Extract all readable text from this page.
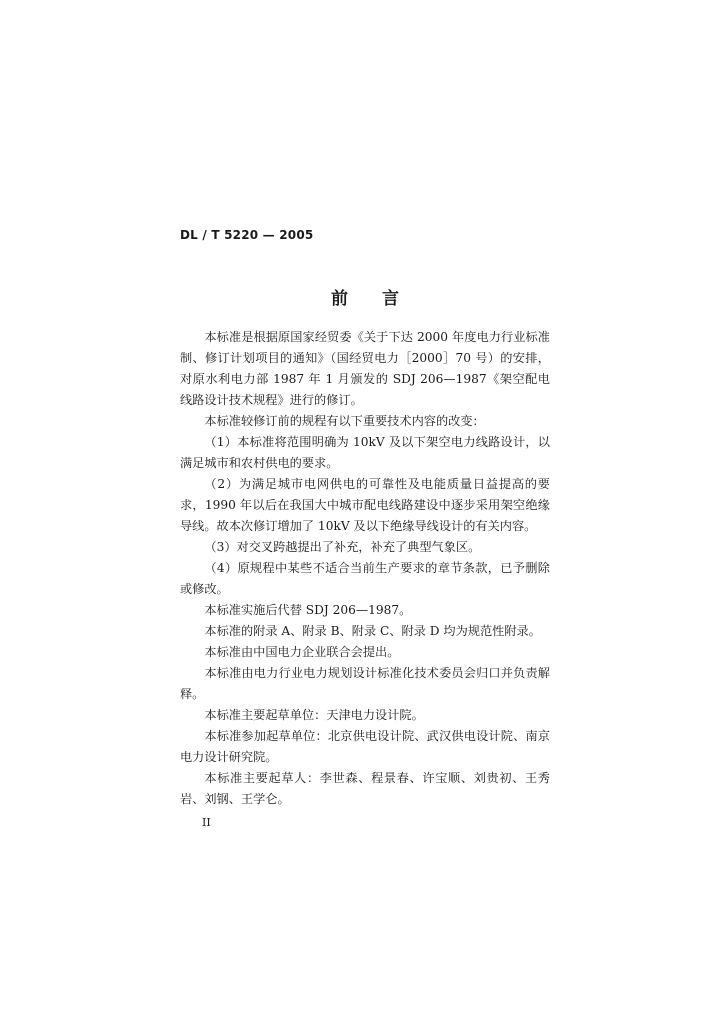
DL / T 5220 — 2005
前言

本标准是根据原国家经贸委《关于下达 2000 年度电力行业标准制、修订计划项目的通知》（国经贸电力［2000］70 号）的安排，对原水利电力部 1987 年 1 月颁发的 SDJ 206—1987《架空配电线路设计技术规程》进行的修订。

本标准较修订前的规程有以下重要技术内容的改变：

（1）本标准将范围明确为 10kV 及以下架空电力线路设计，以满足城市和农村供电的要求。

（2）为满足城市电网供电的可靠性及电能质量日益提高的要求，1990 年以后在我国大中城市配电线路建设中逐步采用架空绝缘导线。故本次修订增加了 10kV 及以下绝缘导线设计的有关内容。

（3）对交叉跨越提出了补充，补充了典型气象区。

（4）原规程中某些不适合当前生产要求的章节条款，已予删除或修改。

本标准实施后代替 SDJ 206—1987。

本标准的附录 A、附录 B、附录 C、附录 D 均为规范性附录。

本标准由中国电力企业联合会提出。

本标准由电力行业电力规划设计标准化技术委员会归口并负责解释。

本标准主要起草单位：天津电力设计院。

本标准参加起草单位：北京供电设计院、武汉供电设计院、南京电力设计研究院。

本标准主要起草人：李世森、程景春、许宝顺、刘贵初、王秀岩、刘钢、王学仑。

II
